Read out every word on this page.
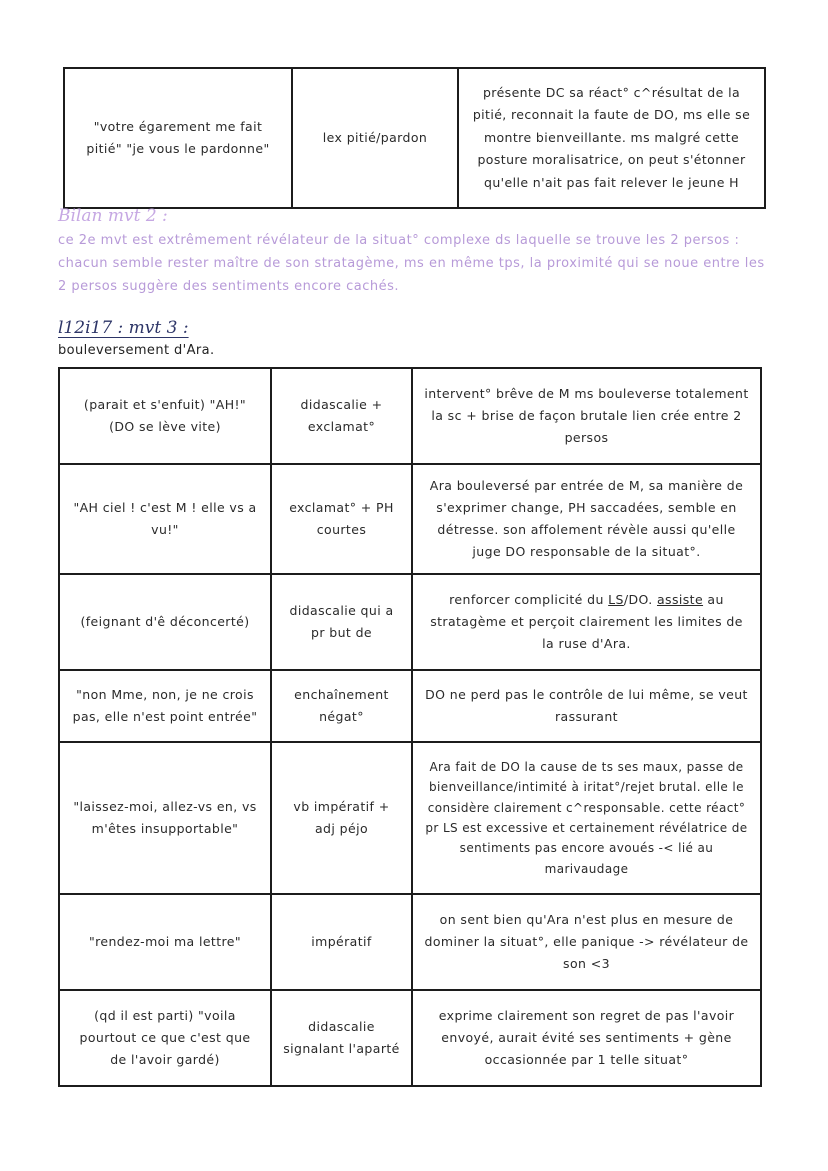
"votre égarement me fait pitié" "je vous le pardonne"	lex pitié/pardon	présente DC sa réact° c^résultat de la pitié, reconnait la faute de DO, ms elle se montre bienveillante. ms malgré cette posture moralisatrice, on peut s'étonner qu'elle n'ait pas fait relever le jeune H

Bilan mvt 2 :

ce 2e mvt est extrêmement révélateur de la situat° complexe ds laquelle se trouve les 2 persos : chacun semble rester maître de son stratagème, ms en même tps, la proximité qui se noue entre les 2 persos suggère des sentiments encore cachés.

l12i17 : mvt 3 :

bouleversement d'Ara.

(parait et s'enfuit) "AH!" (DO se lève vite)	didascalie + exclamat°	intervent° brêve de M ms bouleverse totalement la sc + brise de façon brutale lien crée entre 2 persos
"AH ciel ! c'est M ! elle vs a vu!"	exclamat° + PH courtes	Ara bouleversé par entrée de M, sa manière de s'exprimer change, PH saccadées, semble en détresse. son affolement révèle aussi qu'elle juge DO responsable de la situat°.
(feignant d'ê déconcerté)	didascalie qui a pr but de	renforcer complicité du LS/DO. assiste au stratagème et perçoit clairement les limites de la ruse d'Ara.
"non Mme, non, je ne crois pas, elle n'est point entrée"	enchaînement négat°	DO ne perd pas le contrôle de lui même, se veut rassurant
"laissez-moi, allez-vs en, vs m'êtes insupportable"	vb impératif + adj péjo	Ara fait de DO la cause de ts ses maux, passe de bienveillance/intimité à iritat°/rejet brutal. elle le considère clairement c^responsable. cette réact° pr LS est excessive et certainement révélatrice de sentiments pas encore avoués -< lié au marivaudage
"rendez-moi ma lettre"	impératif	on sent bien qu'Ara n'est plus en mesure de dominer la situat°, elle panique -> révélateur de son <3
(qd il est parti) "voila pourtout ce que c'est que de l'avoir gardé)	didascalie signalant l'aparté	exprime clairement son regret de pas l'avoir envoyé, aurait évité ses sentiments + gène occasionnée par 1 telle situat°
